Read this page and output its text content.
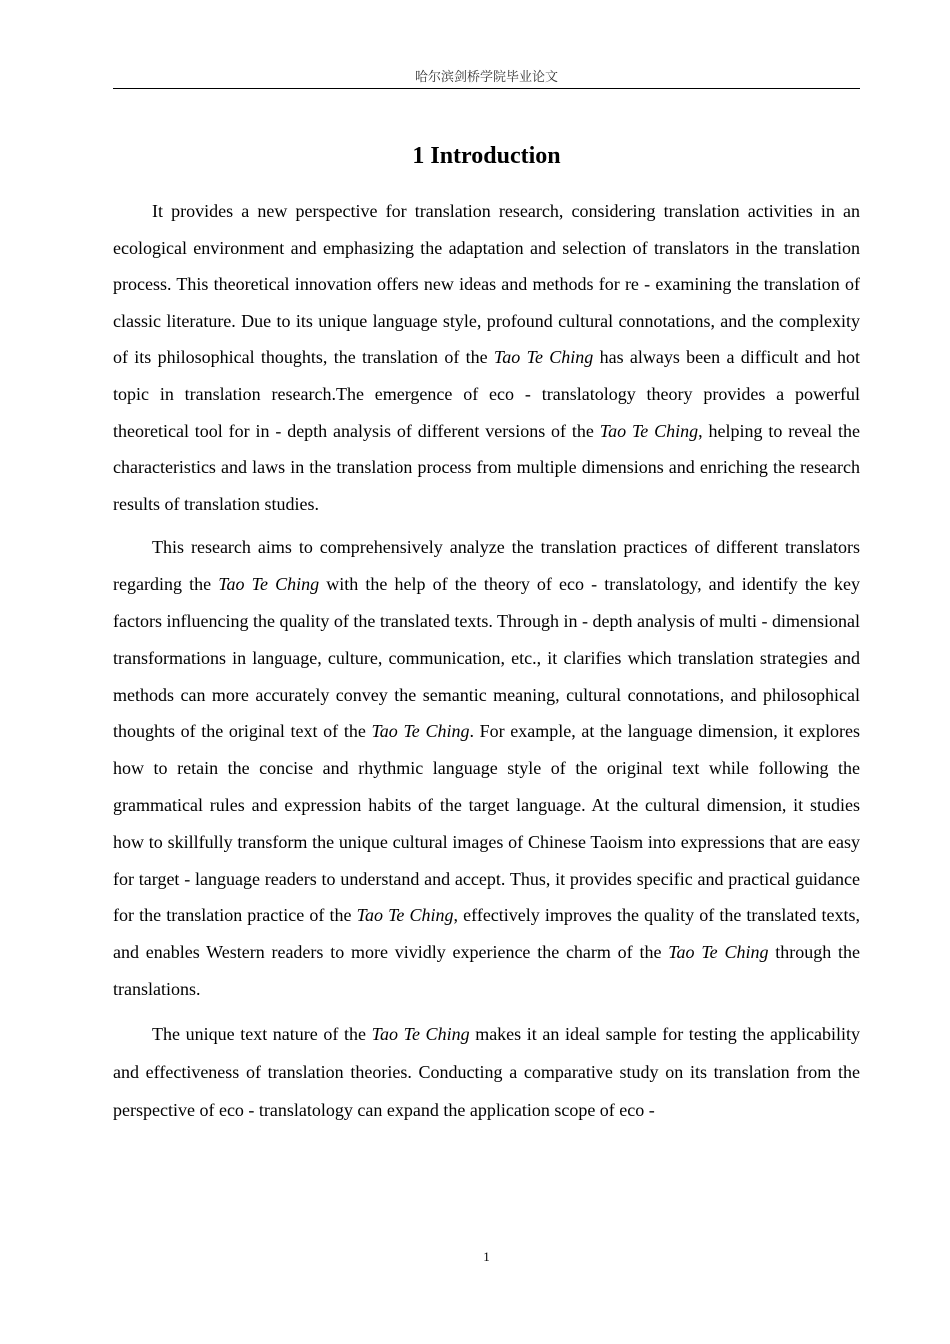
哈尔滨剑桥学院毕业论文
1 Introduction

It provides a new perspective for translation research, considering translation activities in an ecological environment and emphasizing the adaptation and selection of translators in the translation process. This theoretical innovation offers new ideas and methods for re - examining the translation of classic literature. Due to its unique language style, profound cultural connotations, and the complexity of its philosophical thoughts, the translation of the Tao Te Ching has always been a difficult and hot topic in translation research.The emergence of eco - translatology theory provides a powerful theoretical tool for in - depth analysis of different versions of the Tao Te Ching, helping to reveal the characteristics and laws in the translation process from multiple dimensions and enriching the research results of translation studies.

This research aims to comprehensively analyze the translation practices of different translators regarding the Tao Te Ching with the help of the theory of eco - translatology, and identify the key factors influencing the quality of the translated texts. Through in - depth analysis of multi - dimensional transformations in language, culture, communication, etc., it clarifies which translation strategies and methods can more accurately convey the semantic meaning, cultural connotations, and philosophical thoughts of the original text of the Tao Te Ching. For example, at the language dimension, it explores how to retain the concise and rhythmic language style of the original text while following the grammatical rules and expression habits of the target language. At the cultural dimension, it studies how to skillfully transform the unique cultural images of Chinese Taoism into expressions that are easy for target - language readers to understand and accept. Thus, it provides specific and practical guidance for the translation practice of the Tao Te Ching, effectively improves the quality of the translated texts, and enables Western readers to more vividly experience the charm of the Tao Te Ching through the translations.

The unique text nature of the Tao Te Ching makes it an ideal sample for testing the applicability and effectiveness of translation theories. Conducting a comparative study on its translation from the perspective of eco - translatology can expand the application scope of eco -

1
